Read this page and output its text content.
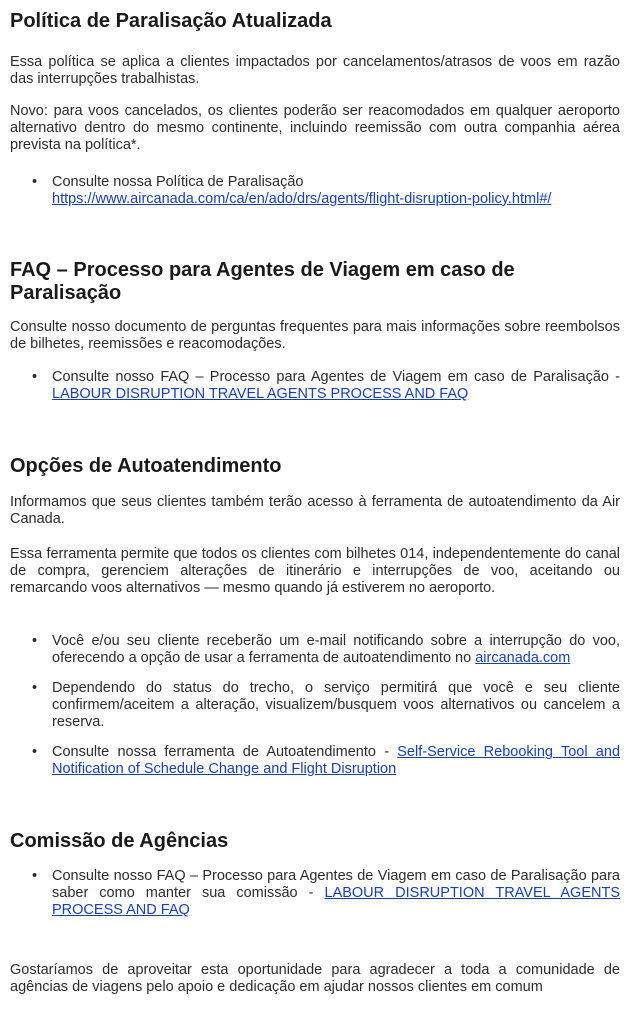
Política de Paralisação Atualizada

Essa política se aplica a clientes impactados por cancelamentos/atrasos de voos em razão das interrupções trabalhistas.

Novo: para voos cancelados, os clientes poderão ser reacomodados em qualquer aeroporto alternativo dentro do mesmo continente, incluindo reemissão com outra companhia aérea prevista na política*.

• Consulte nossa Política de Paralisação
https://www.aircanada.com/ca/en/ado/drs/agents/flight-disruption-policy.html#/
FAQ – Processo para Agentes de Viagem em caso de Paralisação

Consulte nosso documento de perguntas frequentes para mais informações sobre reembolsos de bilhetes, reemissões e reacomodações.

• Consulte nosso FAQ – Processo para Agentes de Viagem em caso de Paralisação - LABOUR DISRUPTION TRAVEL AGENTS PROCESS AND FAQ
Opções de Autoatendimento

Informamos que seus clientes também terão acesso à ferramenta de autoatendimento da Air Canada.

Essa ferramenta permite que todos os clientes com bilhetes 014, independentemente do canal de compra, gerenciem alterações de itinerário e interrupções de voo, aceitando ou remarcando voos alternativos — mesmo quando já estiverem no aeroporto.

• Você e/ou seu cliente receberão um e-mail notificando sobre a interrupção do voo, oferecendo a opção de usar a ferramenta de autoatendimento no aircanada.com
• Dependendo do status do trecho, o serviço permitirá que você e seu cliente confirmem/aceitem a alteração, visualizem/busquem voos alternativos ou cancelem a reserva.
• Consulte nossa ferramenta de Autoatendimento - Self-Service Rebooking Tool and Notification of Schedule Change and Flight Disruption
Comissão de Agências
• Consulte nosso FAQ – Processo para Agentes de Viagem em caso de Paralisação para saber como manter sua comissão - LABOUR DISRUPTION TRAVEL AGENTS PROCESS AND FAQ

Gostaríamos de aproveitar esta oportunidade para agradecer a toda a comunidade de agências de viagens pelo apoio e dedicação em ajudar nossos clientes em comum
